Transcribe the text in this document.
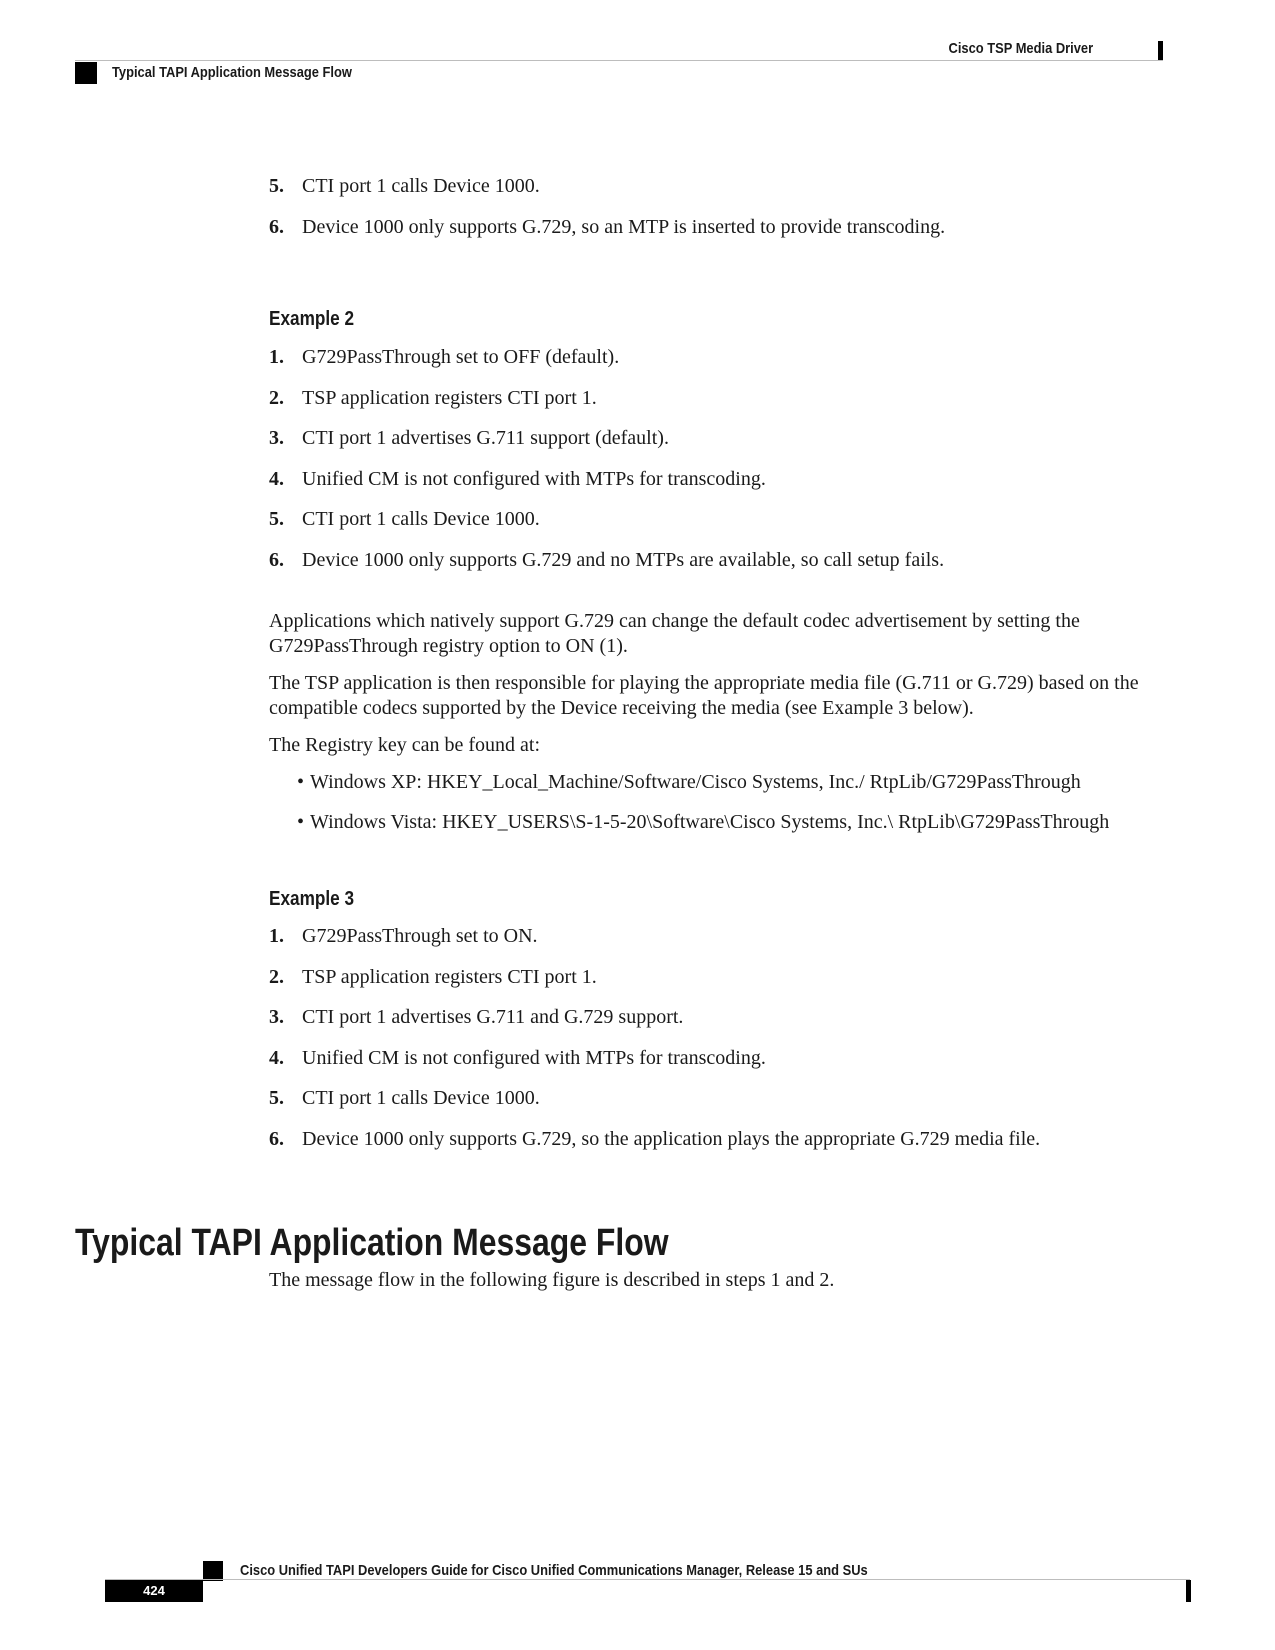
Cisco TSP Media Driver
Typical TAPI Application Message Flow
5. CTI port 1 calls Device 1000.
6. Device 1000 only supports G.729, so an MTP is inserted to provide transcoding.
Example 2
1. G729PassThrough set to OFF (default).
2. TSP application registers CTI port 1.
3. CTI port 1 advertises G.711 support (default).
4. Unified CM is not configured with MTPs for transcoding.
5. CTI port 1 calls Device 1000.
6. Device 1000 only supports G.729 and no MTPs are available, so call setup fails.

Applications which natively support G.729 can change the default codec advertisement by setting the G729PassThrough registry option to ON (1).

The TSP application is then responsible for playing the appropriate media file (G.711 or G.729) based on the compatible codecs supported by the Device receiving the media (see Example 3 below).

The Registry key can be found at:

• Windows XP: HKEY_Local_Machine/Software/Cisco Systems, Inc./ RtpLib/G729PassThrough
• Windows Vista: HKEY_USERS\S-1-5-20\Software\Cisco Systems, Inc.\ RtpLib\G729PassThrough
Example 3
1. G729PassThrough set to ON.
2. TSP application registers CTI port 1.
3. CTI port 1 advertises G.711 and G.729 support.
4. Unified CM is not configured with MTPs for transcoding.
5. CTI port 1 calls Device 1000.
6. Device 1000 only supports G.729, so the application plays the appropriate G.729 media file.
Typical TAPI Application Message Flow

The message flow in the following figure is described in steps 1 and 2.

Cisco Unified TAPI Developers Guide for Cisco Unified Communications Manager, Release 15 and SUs
424
